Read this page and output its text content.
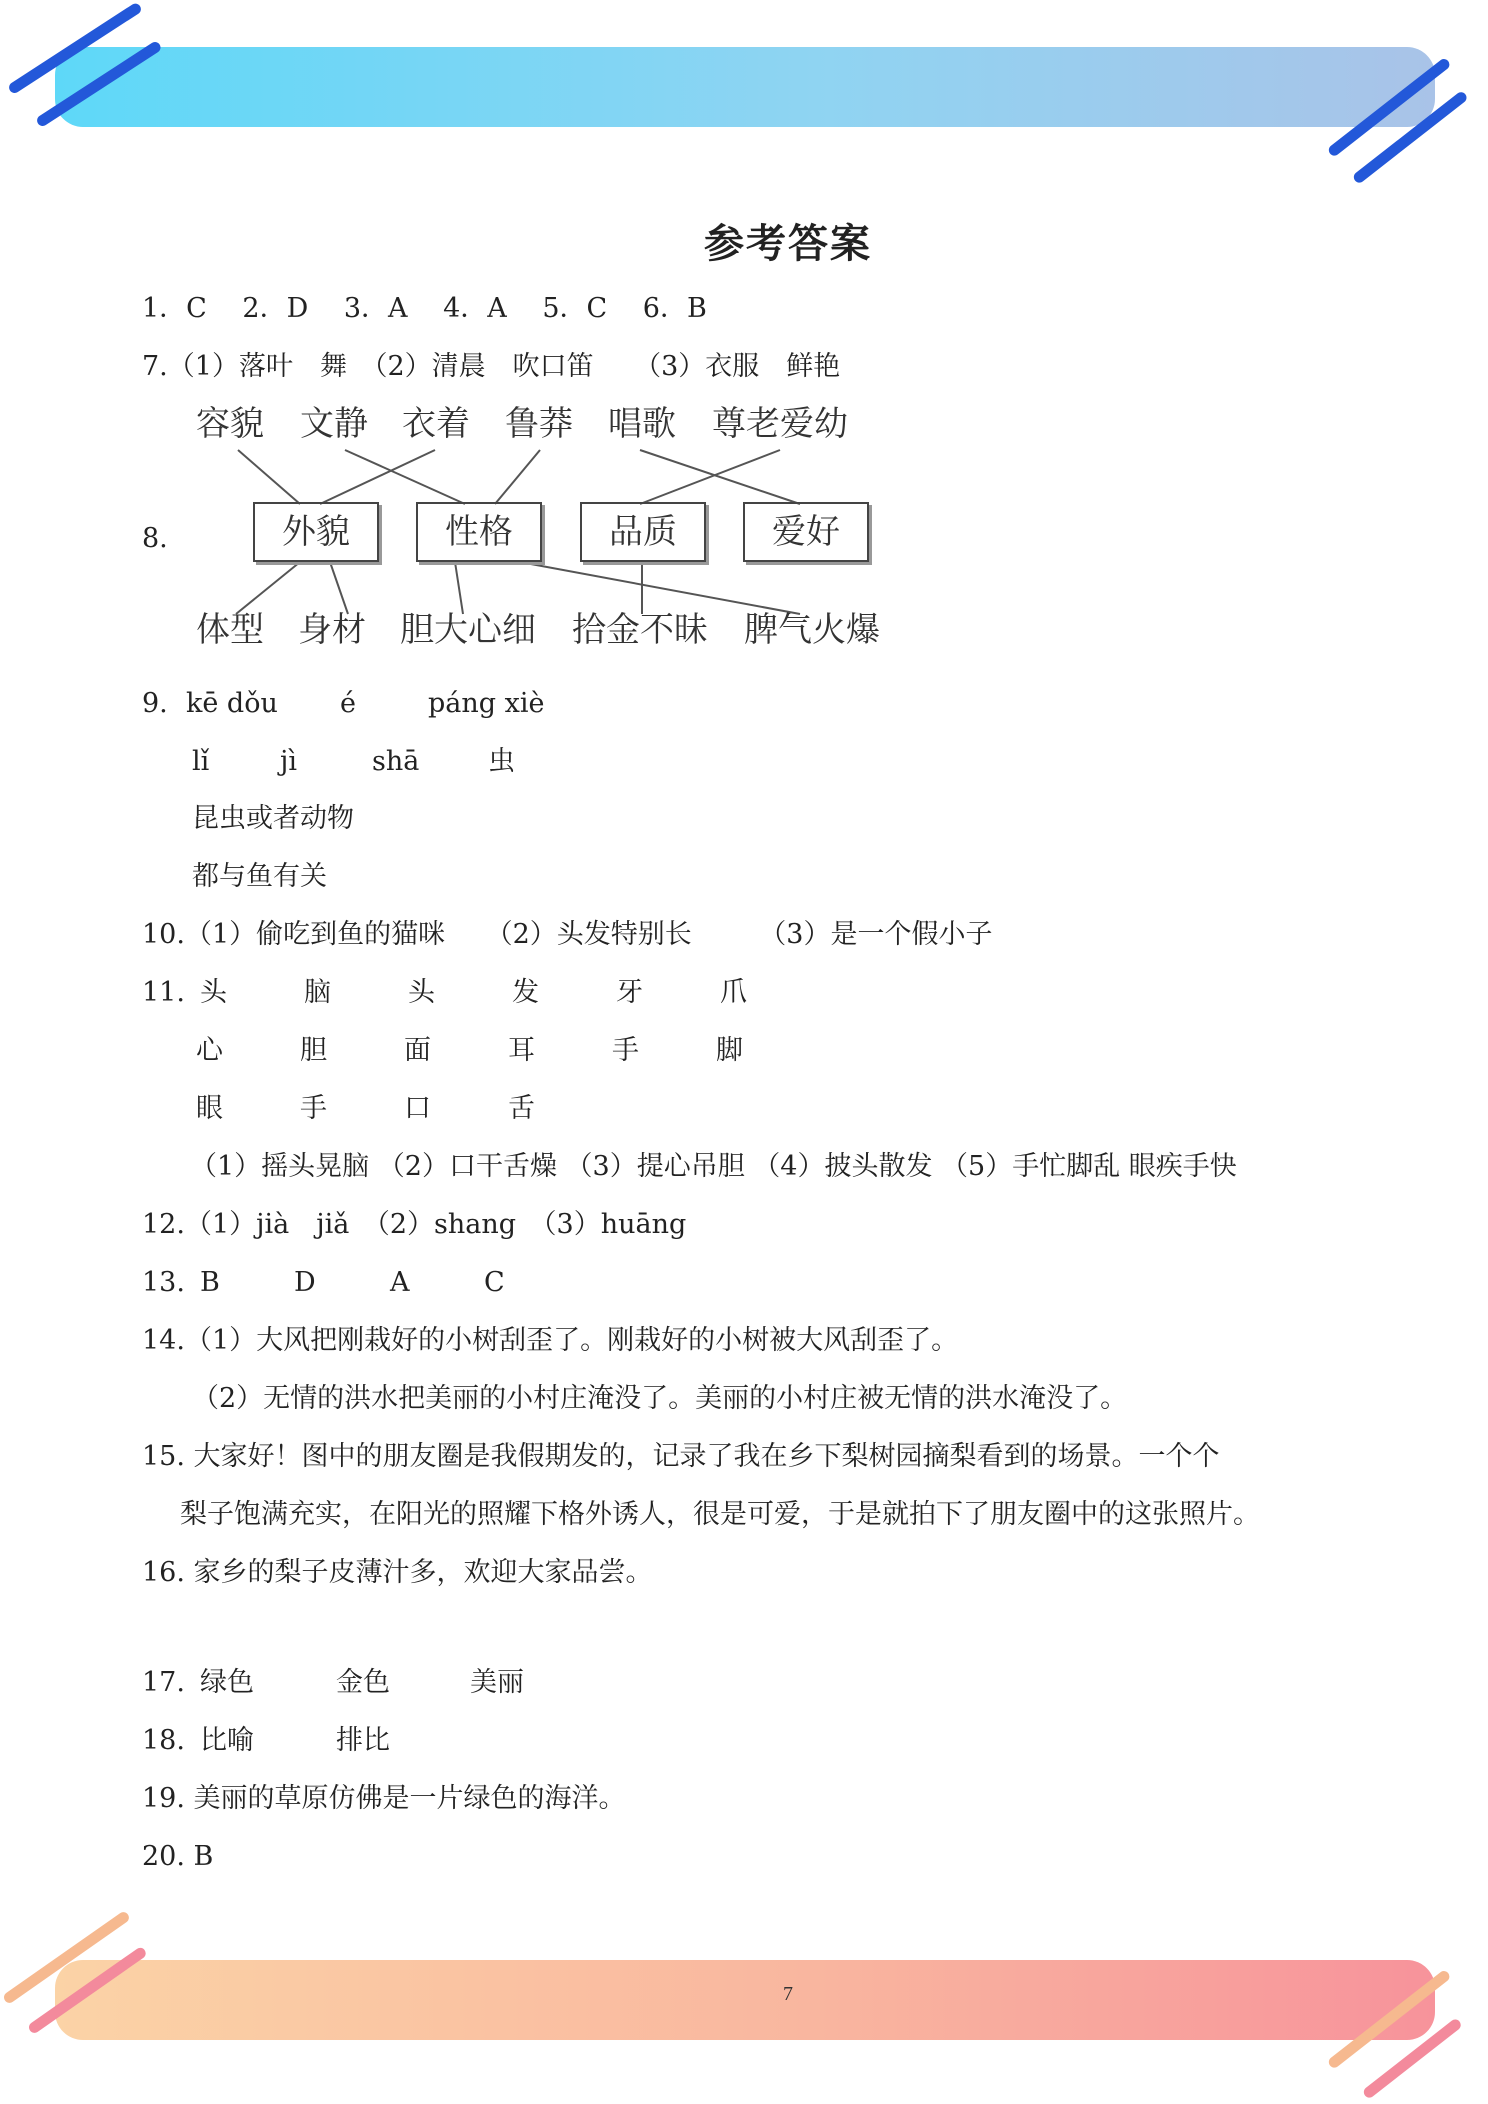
参考答案
1．C　 2．D　 3．A　 4．A　 5．C　 6．B
7.（1）落叶　舞　（2）清晨　吹口笛　　（3）衣服　鲜艳
8.
容貌 文静 衣着 鲁莽 唱歌 尊老爱幼
外貌	性格	品质	爱好
体型 身材 胆大心细 拾金不昧 脾气火爆
9. kē dǒu é	páng xiè
lǐ	jì	shā	虫
昆虫或者动物
都与鱼有关
10.（1）偷吃到鱼的猫咪　　（2）头发特别长　　　（3）是一个假小子
11. 头	脑	头	发	牙	爪
心	胆	面	耳	手	脚
眼	手	口	舌
（1）摇头晃脑 （2）口干舌燥 （3）提心吊胆 （4）披头散发 （5）手忙脚乱 眼疾手快
12.（1）jià　jiǎ　（2）shang　（3）huāng
13. B	D	A	C
14.（1）大风把刚栽好的小树刮歪了。刚栽好的小树被大风刮歪了。
（2）无情的洪水把美丽的小村庄淹没了。美丽的小村庄被无情的洪水淹没了。
15. 大家好！图中的朋友圈是我假期发的，记录了我在乡下梨树园摘梨看到的场景。一个个
梨子饱满充实，在阳光的照耀下格外诱人，很是可爱，于是就拍下了朋友圈中的这张照片。
16. 家乡的梨子皮薄汁多，欢迎大家品尝。
17. 绿色	金色	美丽
18. 比喻	排比
19. 美丽的草原仿佛是一片绿色的海洋。
20. B
7
